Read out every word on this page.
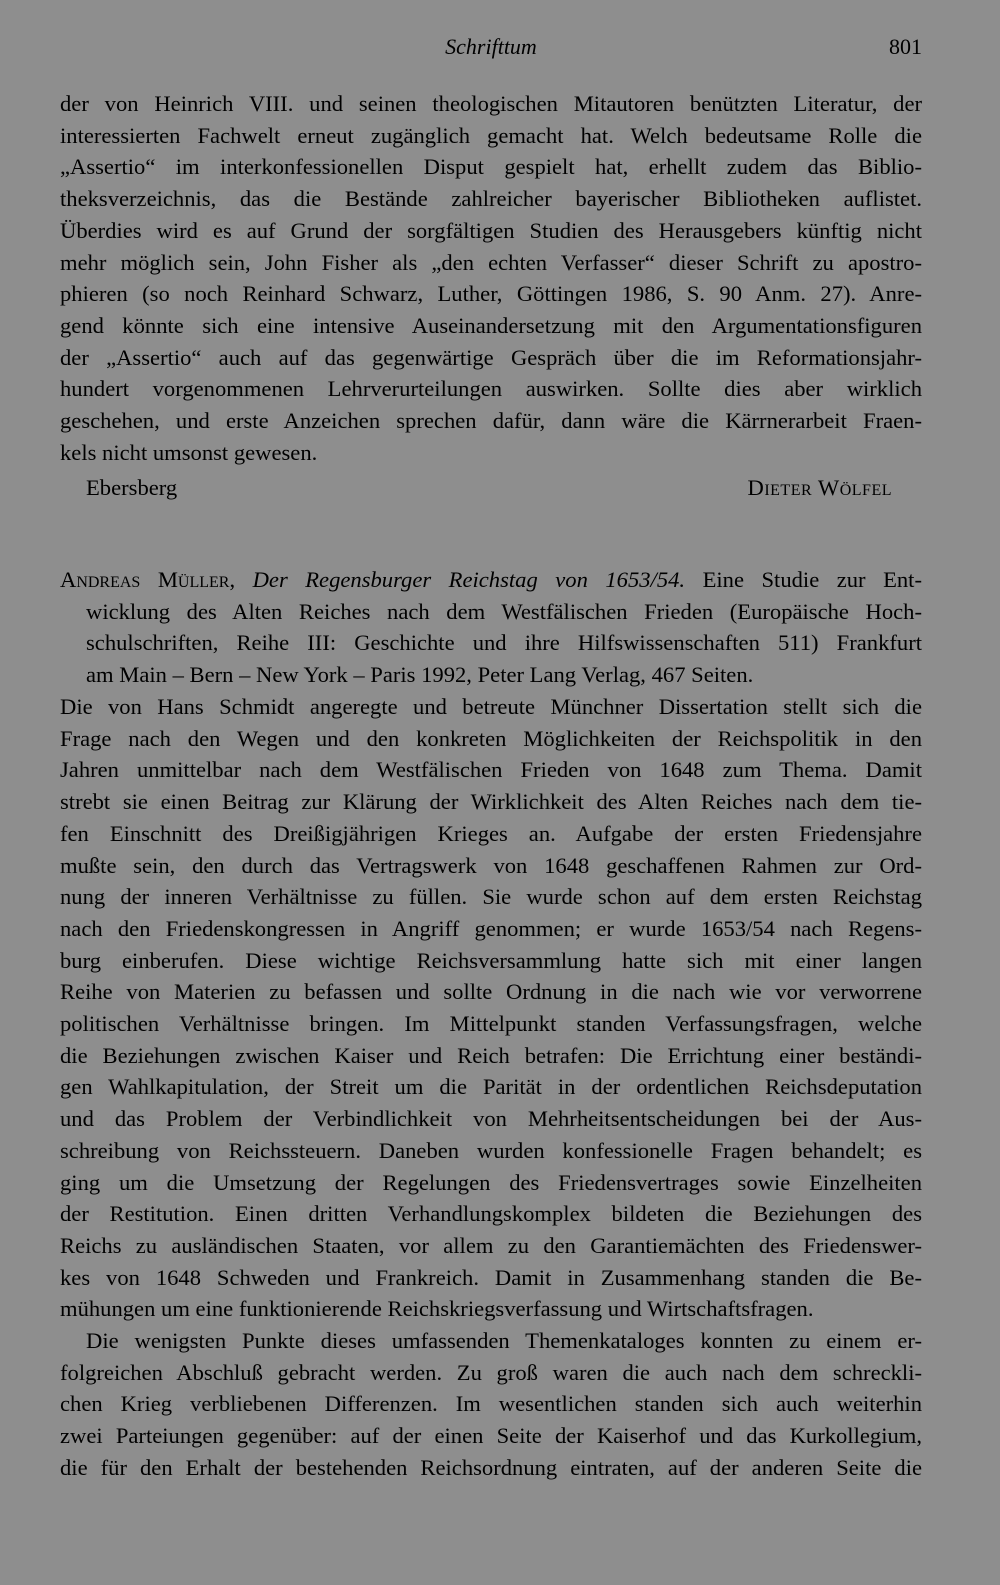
Schrifttum	801
der von Heinrich VIII. und seinen theologischen Mitautoren benützten Literatur, der
interessierten Fachwelt erneut zugänglich gemacht hat. Welch bedeutsame Rolle die
„Assertio“ im interkonfessionellen Disput gespielt hat, erhellt zudem das Biblio-
theksverzeichnis, das die Bestände zahlreicher bayerischer Bibliotheken auflistet.
Überdies wird es auf Grund der sorgfältigen Studien des Herausgebers künftig nicht
mehr möglich sein, John Fisher als „den echten Verfasser“ dieser Schrift zu apostro-
phieren (so noch Reinhard Schwarz, Luther, Göttingen 1986, S. 90 Anm. 27). Anre-
gend könnte sich eine intensive Auseinandersetzung mit den Argumentationsfiguren
der „Assertio“ auch auf das gegenwärtige Gespräch über die im Reformationsjahr-
hundert vorgenommenen Lehrverurteilungen auswirken. Sollte dies aber wirklich
geschehen, und erste Anzeichen sprechen dafür, dann wäre die Kärrnerarbeit Fraen-
kels nicht umsonst gewesen.
Ebersberg	Dieter Wölfel
Andreas Müller, Der Regensburger Reichstag von 1653/54. Eine Studie zur Ent-
wicklung des Alten Reiches nach dem Westfälischen Frieden (Europäische Hoch-
schulschriften, Reihe III: Geschichte und ihre Hilfswissenschaften 511) Frankfurt
am Main – Bern – New York – Paris 1992, Peter Lang Verlag, 467 Seiten.
Die von Hans Schmidt angeregte und betreute Münchner Dissertation stellt sich die
Frage nach den Wegen und den konkreten Möglichkeiten der Reichspolitik in den
Jahren unmittelbar nach dem Westfälischen Frieden von 1648 zum Thema. Damit
strebt sie einen Beitrag zur Klärung der Wirklichkeit des Alten Reiches nach dem tie-
fen Einschnitt des Dreißigjährigen Krieges an. Aufgabe der ersten Friedensjahre
mußte sein, den durch das Vertragswerk von 1648 geschaffenen Rahmen zur Ord-
nung der inneren Verhältnisse zu füllen. Sie wurde schon auf dem ersten Reichstag
nach den Friedenskongressen in Angriff genommen; er wurde 1653/54 nach Regens-
burg einberufen. Diese wichtige Reichsversammlung hatte sich mit einer langen
Reihe von Materien zu befassen und sollte Ordnung in die nach wie vor verworrene
politischen Verhältnisse bringen. Im Mittelpunkt standen Verfassungsfragen, welche
die Beziehungen zwischen Kaiser und Reich betrafen: Die Errichtung einer beständi-
gen Wahlkapitulation, der Streit um die Parität in der ordentlichen Reichsdeputation
und das Problem der Verbindlichkeit von Mehrheitsentscheidungen bei der Aus-
schreibung von Reichssteuern. Daneben wurden konfessionelle Fragen behandelt; es
ging um die Umsetzung der Regelungen des Friedensvertrages sowie Einzelheiten
der Restitution. Einen dritten Verhandlungskomplex bildeten die Beziehungen des
Reichs zu ausländischen Staaten, vor allem zu den Garantiemächten des Friedenswer-
kes von 1648 Schweden und Frankreich. Damit in Zusammenhang standen die Be-
mühungen um eine funktionierende Reichskriegsverfassung und Wirtschaftsfragen.
Die wenigsten Punkte dieses umfassenden Themenkataloges konnten zu einem er-
folgreichen Abschluß gebracht werden. Zu groß waren die auch nach dem schreckli-
chen Krieg verbliebenen Differenzen. Im wesentlichen standen sich auch weiterhin
zwei Parteiungen gegenüber: auf der einen Seite der Kaiserhof und das Kurkollegium,
die für den Erhalt der bestehenden Reichsordnung eintraten, auf der anderen Seite die
